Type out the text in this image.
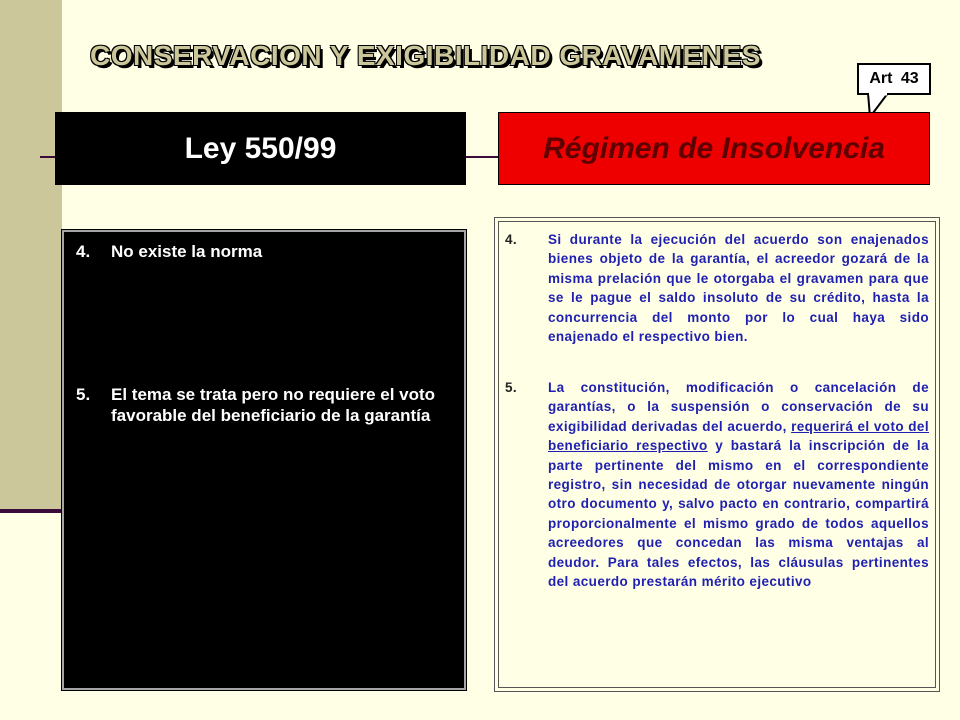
CONSERVACION Y EXIGIBILIDAD GRAVAMENES
Art 43
Ley 550/99	Régimen de Insolvencia
4.	No existe la norma
5.	El tema se trata pero no requiere el voto favorable del beneficiario de la garantía
4.	Si durante la ejecución del acuerdo son enajenados bienes objeto de la garantía, el acreedor gozará de la misma prelación que le otorgaba el gravamen para que se le pague el saldo insoluto de su crédito, hasta la concurrencia del monto por lo cual haya sido enajenado el respectivo bien.
5.	La constitución, modificación o cancelación de garantías, o la suspensión o conservación de su exigibilidad derivadas del acuerdo, requerirá el voto del beneficiario respectivo y bastará la inscripción de la parte pertinente del mismo en el correspondiente registro, sin necesidad de otorgar nuevamente ningún otro documento y, salvo pacto en contrario, compartirá proporcionalmente el mismo grado de todos aquellos acreedores que concedan las misma ventajas al deudor. Para tales efectos, las cláusulas pertinentes del acuerdo prestarán mérito ejecutivo
